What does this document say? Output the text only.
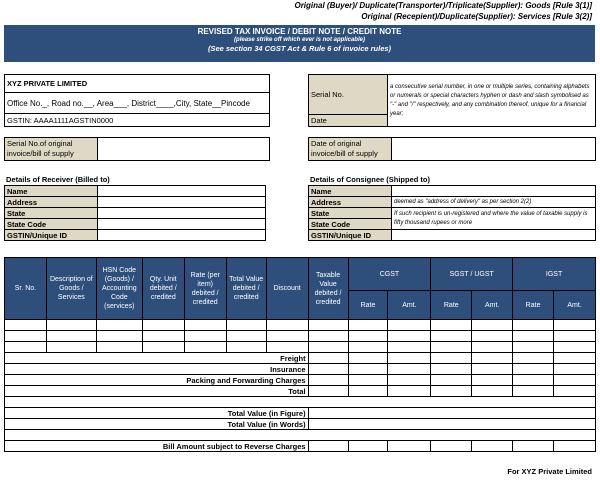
Original (Buyer)/ Duplicate(Transporter)/Triplicate(Supplier): Goods [Rule 3(1)]
Original (Recepient)/Duplicate(Supplier): Services [Rule 3(2)]
REVISED TAX INVOICE / DEBIT NOTE / CREDIT NOTE
(please strike off which ever is not applicable)
(See section 34 CGST Act & Rule 6 of invoice rules)
XYZ PRIVATE LIMITED
Office No._, Road no.__, Area___, District____,City, State__Pincode
GSTIN: AAAA1111AGSTIN0000
Serial No.	a consecutive serial number, in one or multiple series, containing alphabets or numerals or special characters hyphen or dash and slash symbolised as "-" and "/" respectively, and any combination thereof, unique for a financial year;
Date
Serial No.of original invoice/bill of supply	
Date of original invoice/bill of supply	
Details of Receiver (Billed to)
Name	
Address	
State	
State Code	
GSTIN/Unique ID	
Details of Consignee (Shipped to)
Name	
Address	deemed as "address of delivery" as per section 2(2)
State	If such recipient is un-registered and where the value of taxable supply is fifty thousand rupees or more
State Code	
GSTIN/Unique ID	
Sr. No.	Description of Goods / Services	HSN Code (Goods) / Accounting Code (services)	Qty. Unit debited / credited	Rate (per item) debited / credited	Total Value debited / credited	Discount	Taxable Value debited / credited	CGST		SGST / UGST		IGST	
								Rate	Amt.	Rate	Amt.	Rate	Amt.

Freight													
Insurance													
Packing and Forwarding Charges													
Total													

Total Value (in Figure)													
Total Value (in Words)													

Bill Amount subject to Reverse Charges													
For XYZ Private Limited
